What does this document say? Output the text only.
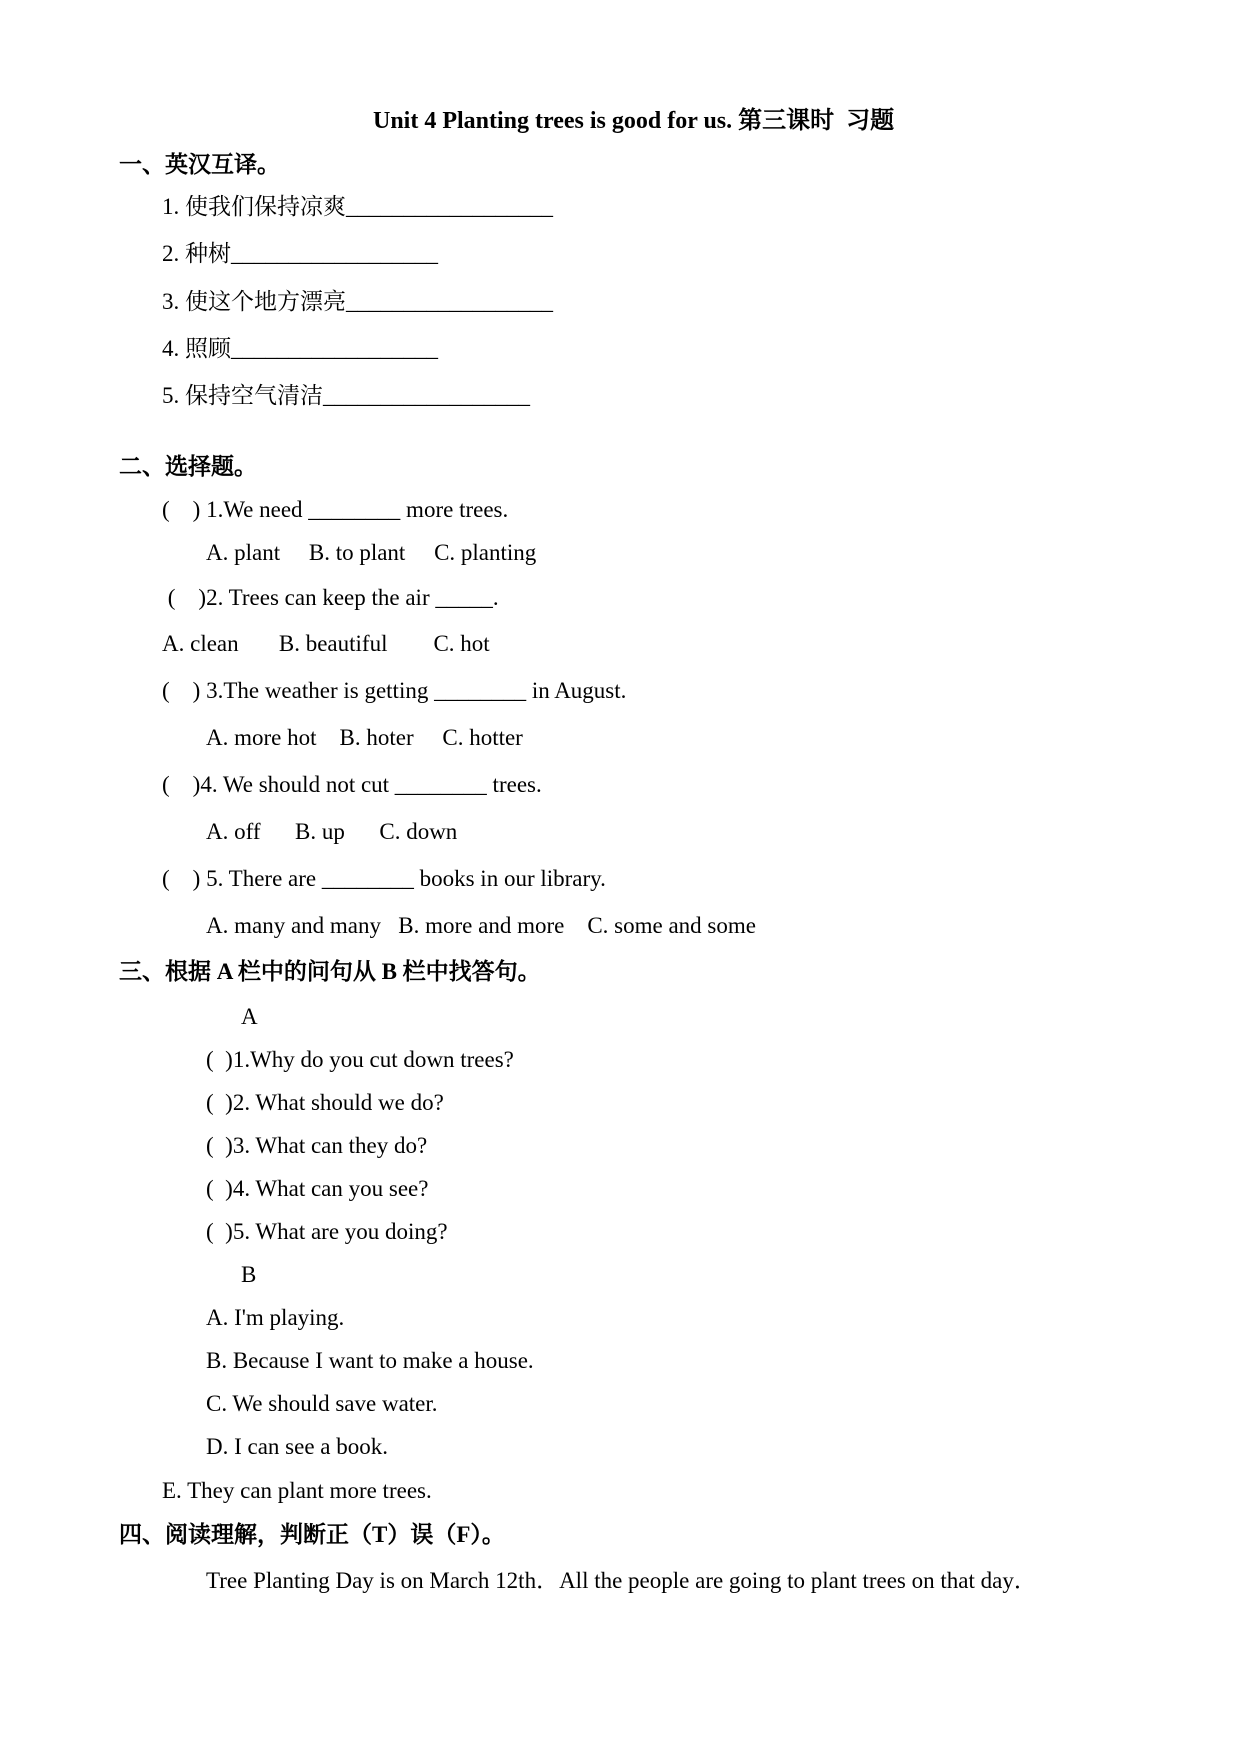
Unit 4 Planting trees is good for us. 第三课时  习题
一、英汉互译。
1. 使我们保持凉爽__________________
2. 种树__________________
3. 使这个地方漂亮__________________
4. 照顾__________________
5. 保持空气清洁__________________
二、选择题。
(    ) 1.We need ________ more trees.
A. plant     B. to plant     C. planting
(    )2. Trees can keep the air _____.
A. clean       B. beautiful        C. hot
(    ) 3.The weather is getting ________ in August.
A. more hot    B. hoter     C. hotter
(    )4. We should not cut ________ trees.
A. off      B. up      C. down
(    ) 5. There are ________ books in our library.
A. many and many   B. more and more    C. some and some
三、根据 A 栏中的问句从 B 栏中找答句。
A
(  )1.Why do you cut down trees?
(  )2. What should we do?
(  )3. What can they do?
(  )4. What can you see?
(  )5. What are you doing?
B
A. I'm playing.
B. Because I want to make a house.
C. We should save water.
D. I can see a book.
E. They can plant more trees.
四、阅读理解，判断正（T）误（F）。
Tree Planting Day is on March 12th．All the people are going to plant trees on that day．
